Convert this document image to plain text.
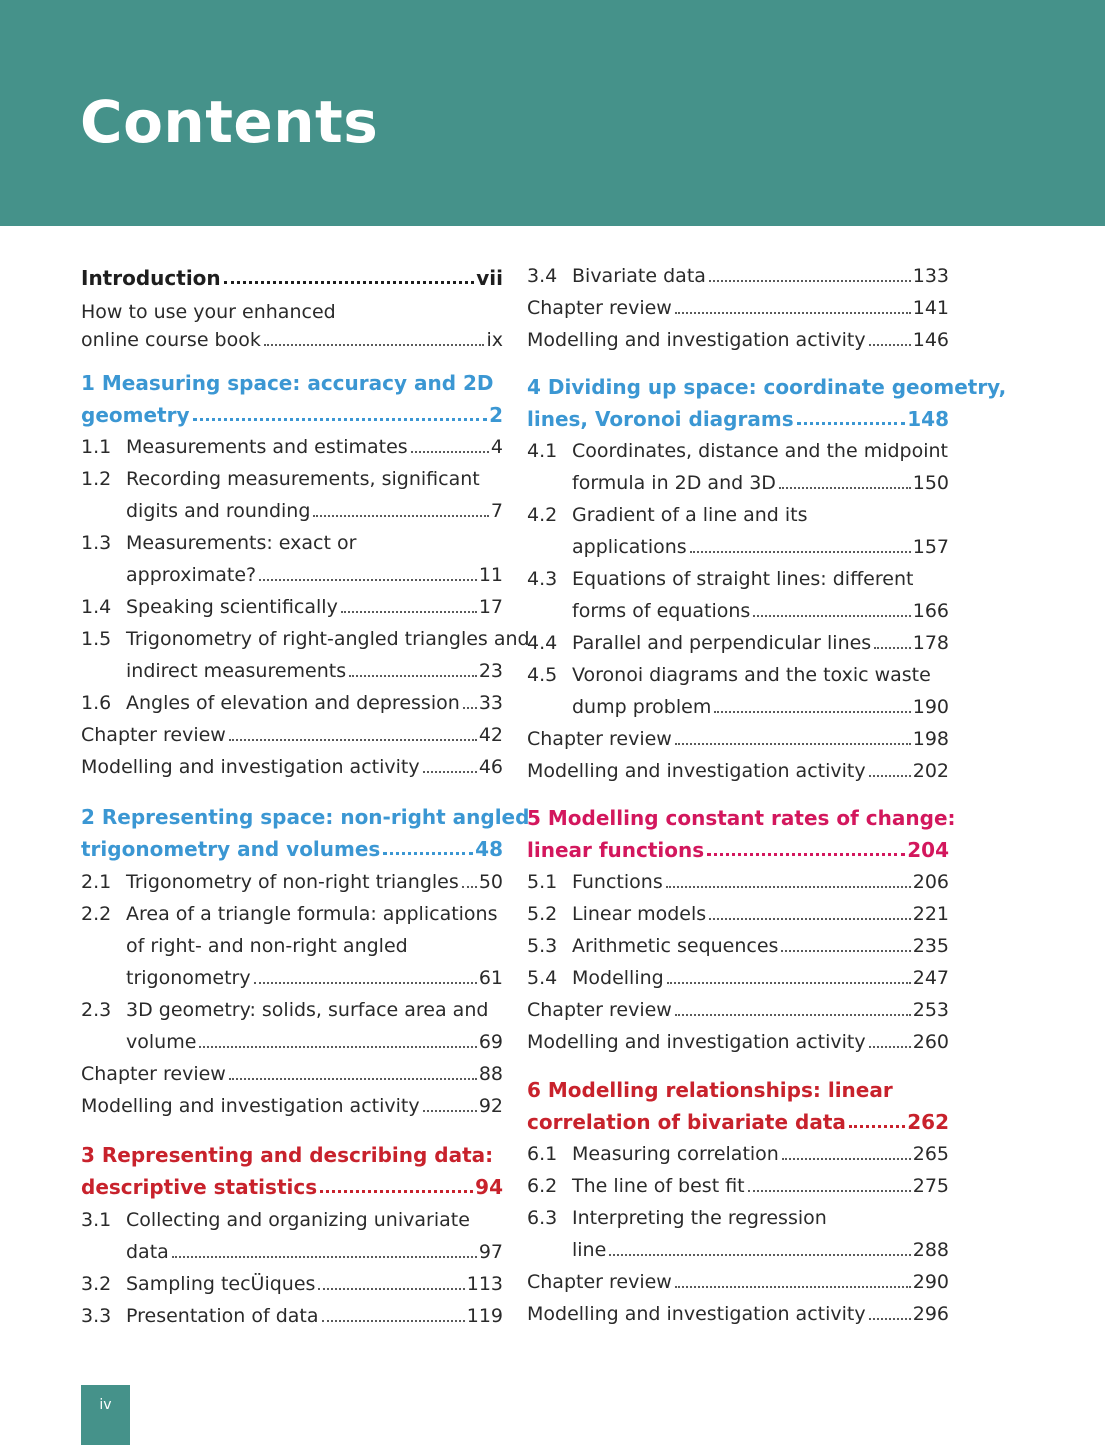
Contents
Introduction	vii
How to use your enhanced
online course book	ix
1 Measuring space: accuracy and 2D
geometry	2
1.1 Measurements and estimates	4
1.2 Recording measurements, significant
digits and rounding	7
1.3 Measurements: exact or
approximate?	11
1.4 Speaking scientifically	17
1.5 Trigonometry of right-angled triangles and
indirect measurements	23
1.6 Angles of elevation and depression 33
Chapter review	42
Modelling and investigation activity	46
2 Representing space: non-right angled
trigonometry and volumes	48
2.1 Trigonometry of non-right triangles 50
2.2 Area of a triangle formula: applications
of right- and non-right angled
trigonometry	61
2.3 3D geometry: solids, surface area and
volume	69
Chapter review	88
Modelling and investigation activity	92
3 Representing and describing data:
descriptive statistics	94
3.1 Collecting and organizing univariate
data	97
3.2 Sampling tecÜiques	113
3.3 Presentation of data	119
3.4 Bivariate data	133
Chapter review	141
Modelling and investigation activity 146
4 Dividing up space: coordinate geometry,
lines, Voronoi diagrams	148
4.1 Coordinates, distance and the midpoint
formula in 2D and 3D	150
4.2 Gradient of a line and its
applications	157
4.3 Equations of straight lines: different
forms of equations	166
4.4 Parallel and perpendicular lines 178
4.5 Voronoi diagrams and the toxic waste
dump problem	190
Chapter review	198
Modelling and investigation activity 202
5 Modelling constant rates of change:
linear functions	204
5.1 Functions	206
5.2 Linear models	221
5.3 Arithmetic sequences	235
5.4 Modelling	247
Chapter review	253
Modelling and investigation activity 260
6 Modelling relationships: linear
correlation of bivariate data	262
6.1 Measuring correlation	265
6.2 The line of best fit	275
6.3 Interpreting the regression
line	288
Chapter review	290
Modelling and investigation activity 296
iv
